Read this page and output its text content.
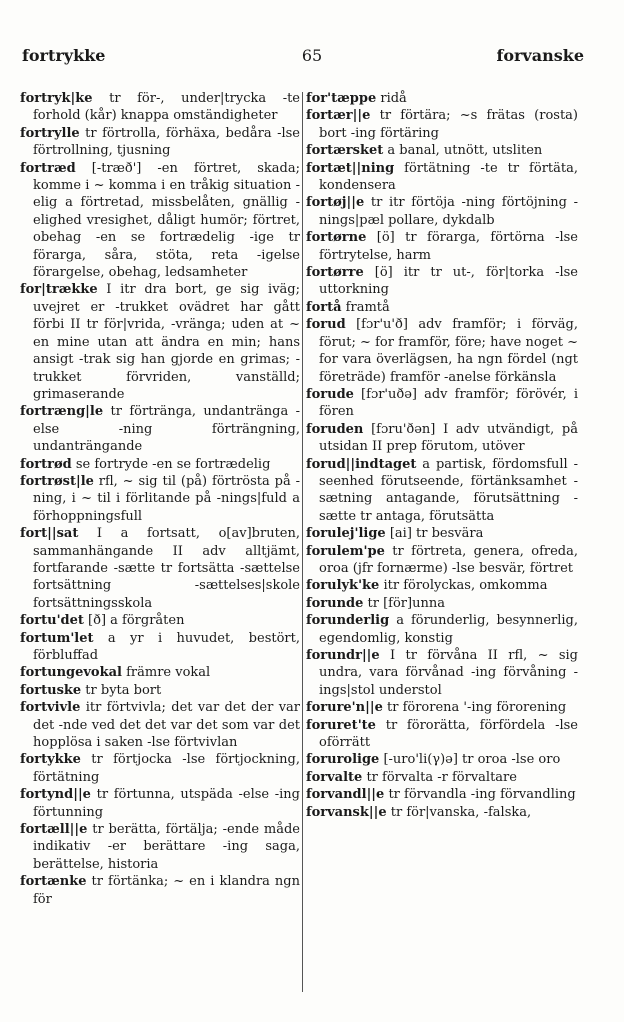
fortrykke	65	forvanske

fortryk|ke tr för-, under|trycka -te forhold (kår) knappa omständigheter

fortrylle tr förtrolla, förhäxa, bedåra -lse förtrollning, tjusning

fortræd [-træð'] -en förtret, skada; komme i ~ komma i en tråkig situation -elig a förtretad, missbelåten, gnällig -elighed vresighet, dåligt humör; förtret, obehag -en se fortrædelig -ige tr förarga, såra, stöta, reta -igelse förargelse, obehag, ledsamheter

for|trække I itr dra bort, ge sig iväg; uvejret er -trukket ovädret har gått förbi II tr för|vrida, -vränga; uden at ~ en mine utan att ändra en min; hans ansigt -trak sig han gjorde en grimas; -trukket förvriden, vanställd; grimaserande

fortræng|le tr förtränga, undantränga -else -ning förträngning, undanträngande

fortrød se fortryde -en se fortrædelig

fortrøst|le rfl, ~ sig til (på) förtrösta på -ning, i ~ til i förlitande på -nings|fuld a förhoppningsfull

fort||sat I a fortsatt, o[av]bruten, sammanhängande II adv alltjämt, fortfarande -sætte tr fortsätta -sættelse fortsättning -sættelses|skole fortsättningsskola

fortu'det [ð] a förgråten

fortum'let a yr i huvudet, bestört, förbluffad

fortungevokal främre vokal

fortuske tr byta bort

fortvivle itr förtvivla; det var det der var det -nde ved det det var det som var det hopplösa i saken -lse förtvivlan

fortykke tr förtjocka -lse förtjockning, förtätning

fortynd||e tr förtunna, utspäda -else -ing förtunning

fortæll||e tr berätta, förtälja; -ende måde indikativ -er berättare -ing saga, berättelse, historia

fortænke tr förtänka; ~ en i klandra ngn för

for'tæppe ridå

fortær||e tr förtära; ~s frätas (rosta) bort -ing förtäring

fortærsket a banal, utnött, utsliten

fortæt||ning förtätning -te tr förtäta, kondensera

fortøj||e tr itr förtöja -ning förtöjning -nings|pæl pollare, dykdalb

fortørne [ö] tr förarga, förtörna -lse förtrytelse, harm

fortørre [ö] itr tr ut-, för|torka -lse uttorkning

fortå framtå

forud [fɔr'u'ð] adv framför; i förväg, förut; ~ for framför, före; have noget ~ for vara överlägsen, ha ngn fördel (ngt företräde) framför -anelse förkänsla

forude [fɔr'uðə] adv framför; förövér, i fören

foruden [fɔru'ðən] I adv utvändigt, på utsidan II prep förutom, utöver

forud||indtaget a partisk, fördomsfull -seenhed förutseende, förtänksamhet -sætning antagande, förutsättning -sætte tr antaga, förutsätta

forulej'lige [ai] tr besvära

forulem'pe tr förtreta, genera, ofreda, oroa (jfr fornærme) -lse besvär, förtret

forulyk'ke itr förolyckas, omkomma

forunde tr [för]unna

forunderlig a förunderlig, besynnerlig, egendomlig, konstig

forundr||e I tr förvåna II rfl, ~ sig undra, vara förvånad -ing förvåning -ings|stol understol

forure'n||e tr förorena '-ing förorening

foruret'te tr förorätta, förfördela -lse oförrätt

forurolige [-uro'li(γ)ə] tr oroa -lse oro

forvalte tr förvalta -r förvaltare

forvandl||e tr förvandla -ing förvandling

forvansk||e tr för|vanska, -falska,
